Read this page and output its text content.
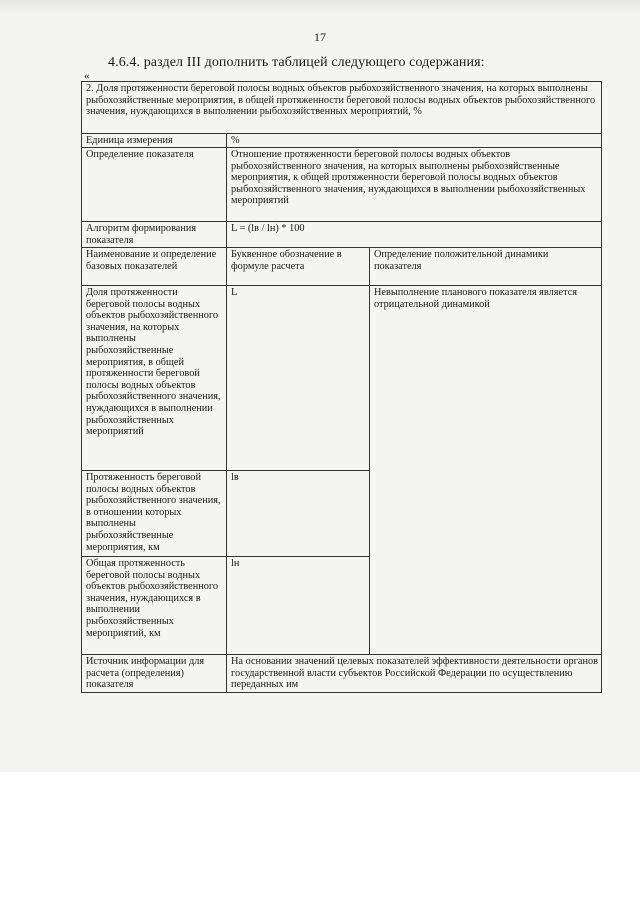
17
4.6.4. раздел III дополнить таблицей следующего содержания:
«
2. Доля протяженности береговой полосы водных объектов рыбохозяйственного значения, на которых выполнены рыбохозяйственные мероприятия, в общей протяженности береговой полосы водных объектов рыбохозяйственного значения, нуждающихся в выполнении рыбохозяйственных мероприятий, %		
Единица измерения	%	
Определение показателя	Отношение протяженности береговой полосы водных объектов рыбохозяйственного значения, на которых выполнены рыбохозяйственные мероприятия, к общей протяженности береговой полосы водных объектов рыбохозяйственного значения, нуждающихся в выполнении рыбохозяйственных мероприятий	
Алгоритм формирования показателя	L = (lв / lн) * 100	
Наименование и определение базовых показателей	Буквенное обозначение в формуле расчета	Определение положительной динамики показателя
Доля протяженности береговой полосы водных объектов рыбохозяйственного значения, на которых выполнены рыбохозяйственные мероприятия, в общей протяженности береговой полосы водных объектов рыбохозяйственного значения, нуждающихся в выполнении рыбохозяйственных мероприятий	L	Невыполнение планового показателя является отрицательной динамикой
Протяженность береговой полосы водных объектов рыбохозяйственного значения, в отношении которых выполнены рыбохозяйственные мероприятия, км	lв	
Общая протяженность береговой полосы водных объектов рыбохозяйственного значения, нуждающихся в выполнении рыбохозяйственных мероприятий, км	lн	
Источник информации для расчета (определения) показателя	На основании значений целевых показателей эффективности деятельности органов государственной власти субъектов Российской Федерации по осуществлению переданных им	
